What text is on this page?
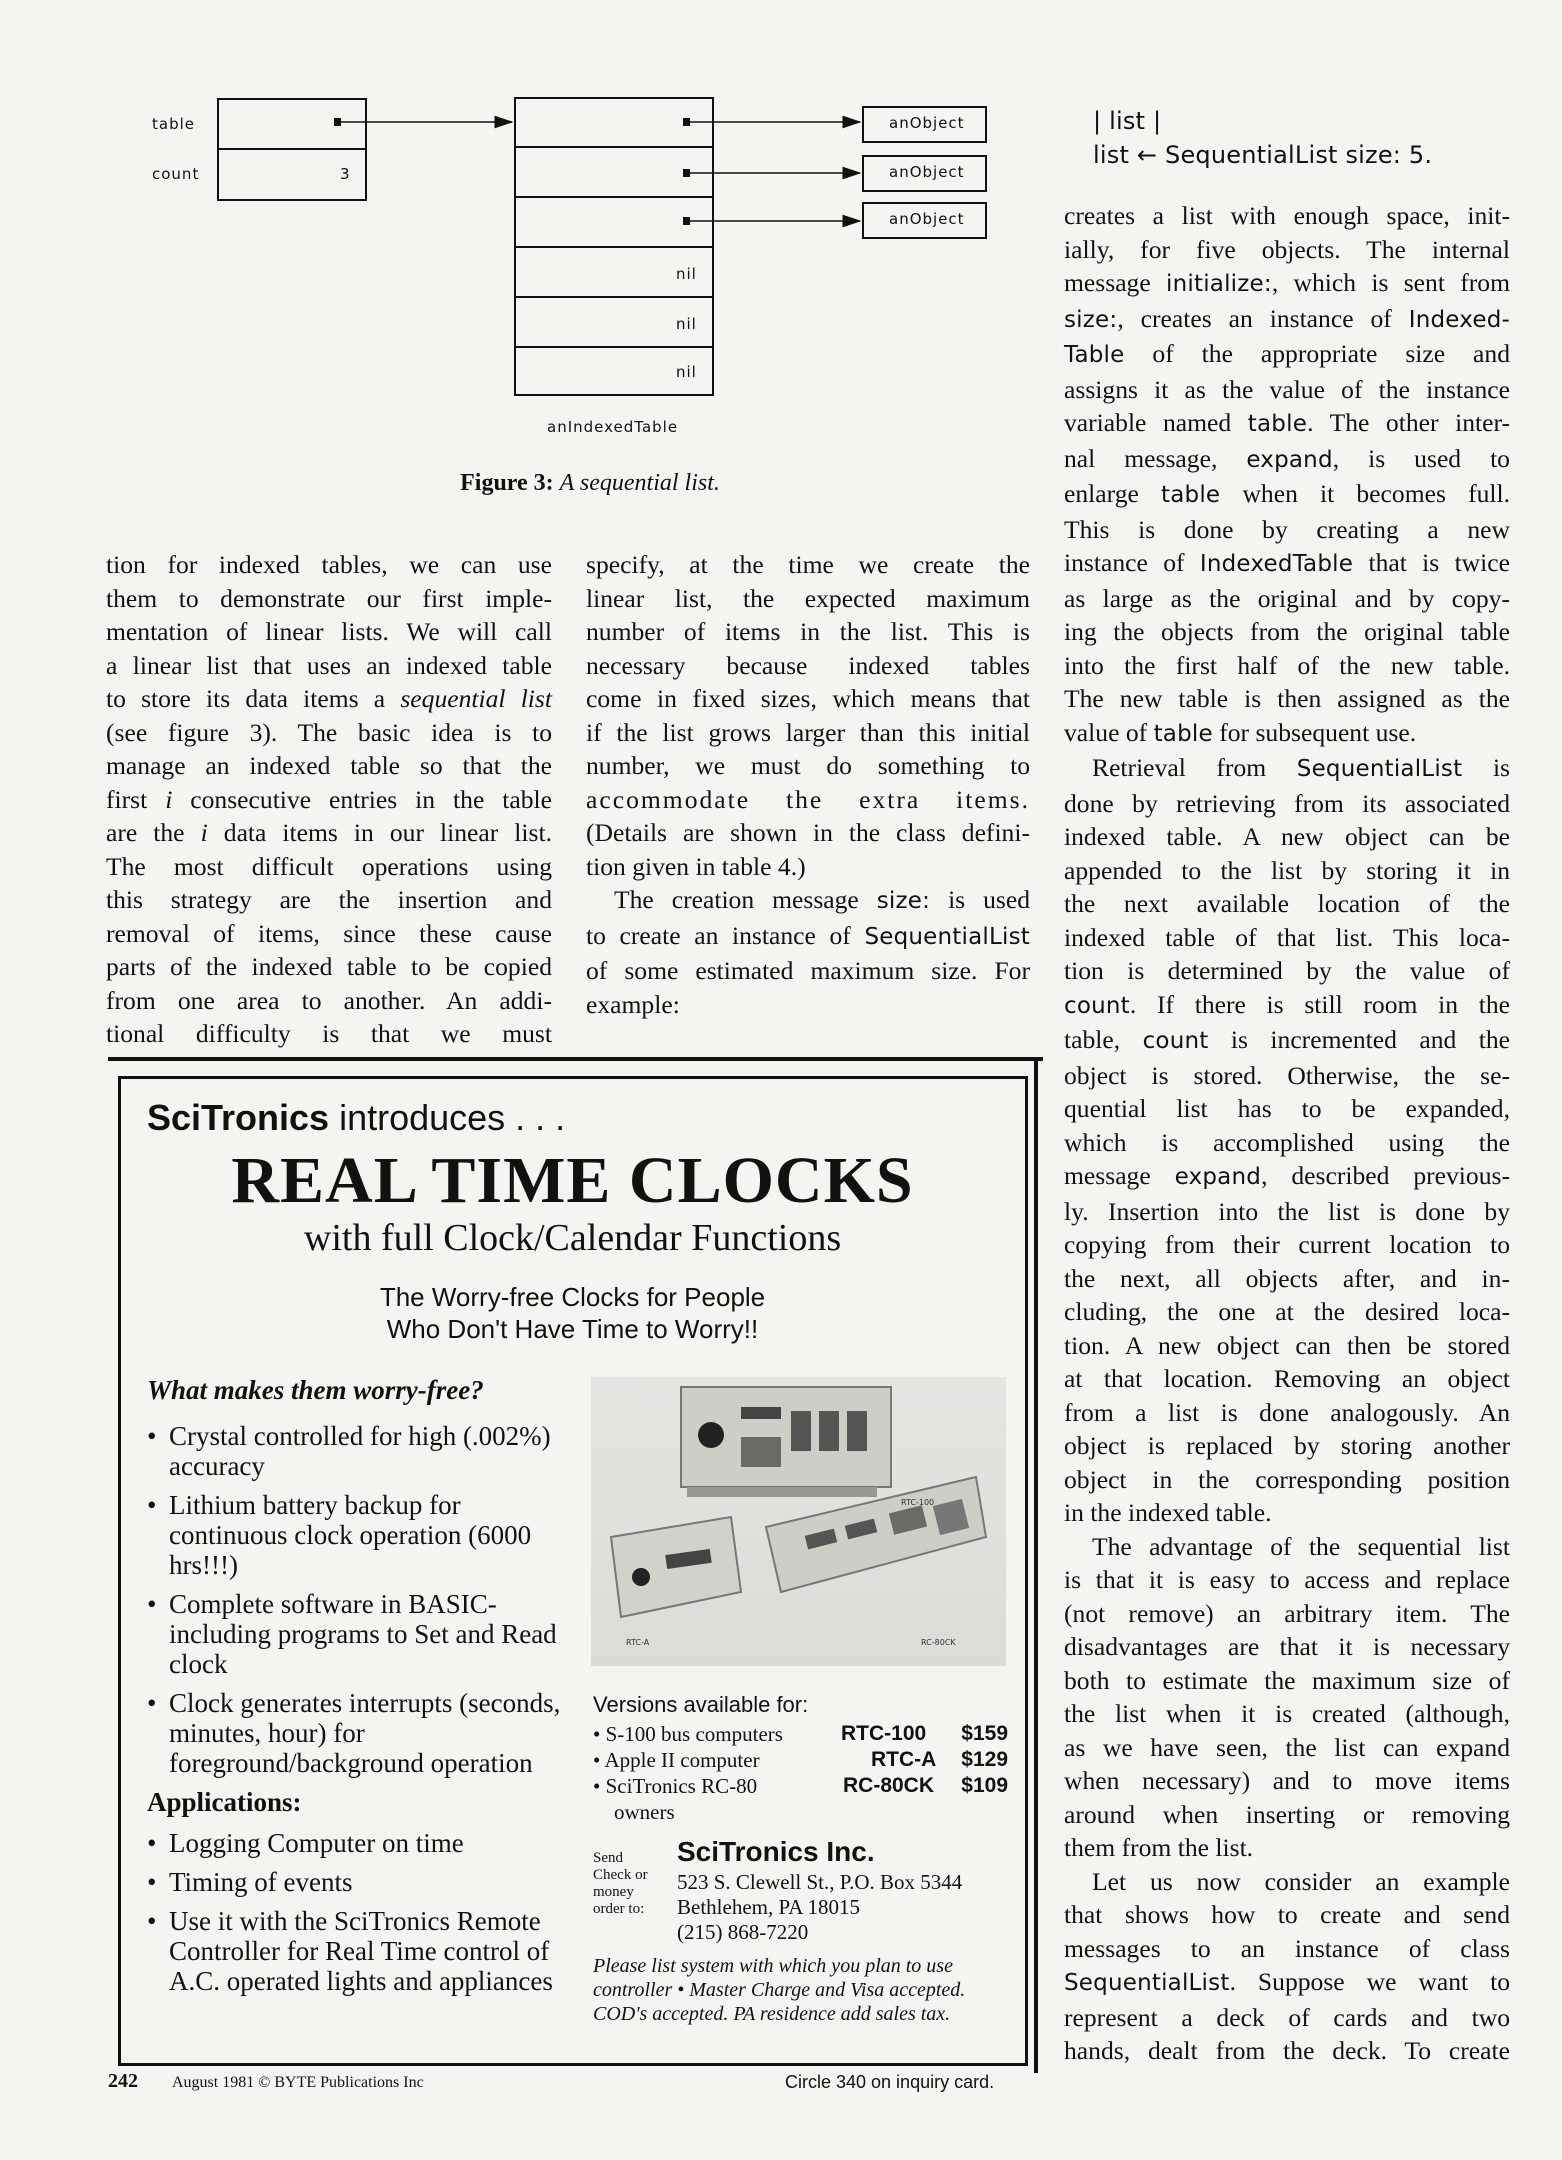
table
count	3
nil
nil
nil
anObject
anObject
anObject
anIndexedTable
Figure 3: A sequential list.
| list |
list ← SequentialList size: 5.
tion for indexed tables, we can use
them to demonstrate our first imple-
mentation of linear lists. We will call
a linear list that uses an indexed table
to store its data items a sequential list
(see figure 3). The basic idea is to
manage an indexed table so that the
first i consecutive entries in the table
are the i data items in our linear list.
The most difficult operations using
this strategy are the insertion and
removal of items, since these cause
parts of the indexed table to be copied
from one area to another. An addi-
tional difficulty is that we must
specify, at the time we create the
linear list, the expected maximum
number of items in the list. This is
necessary because indexed tables
come in fixed sizes, which means that
if the list grows larger than this initial
number, we must do something to
accommodate the extra items.
(Details are shown in the class defini-
tion given in table 4.)
The creation message size: is used
to create an instance of SequentialList
of some estimated maximum size. For
example:
creates a list with enough space, init-
ially, for five objects. The internal
message initialize:, which is sent from
size:, creates an instance of Indexed-
Table of the appropriate size and
assigns it as the value of the instance
variable named table. The other inter-
nal message, expand, is used to
enlarge table when it becomes full.
This is done by creating a new
instance of IndexedTable that is twice
as large as the original and by copy-
ing the objects from the original table
into the first half of the new table.
The new table is then assigned as the
value of table for subsequent use.
Retrieval from SequentialList is
done by retrieving from its associated
indexed table. A new object can be
appended to the list by storing it in
the next available location of the
indexed table of that list. This loca-
tion is determined by the value of
count. If there is still room in the
table, count is incremented and the
object is stored. Otherwise, the se-
quential list has to be expanded,
which is accomplished using the
message expand, described previous-
ly. Insertion into the list is done by
copying from their current location to
the next, all objects after, and in-
cluding, the one at the desired loca-
tion. A new object can then be stored
at that location. Removing an object
from a list is done analogously. An
object is replaced by storing another
object in the corresponding position
in the indexed table.
The advantage of the sequential list
is that it is easy to access and replace
(not remove) an arbitrary item. The
disadvantages are that it is necessary
both to estimate the maximum size of
the list when it is created (although,
as we have seen, the list can expand
when necessary) and to move items
around when inserting or removing
them from the list.
Let us now consider an example
that shows how to create and send
messages to an instance of class
SequentialList. Suppose we want to
represent a deck of cards and two
hands, dealt from the deck. To create
SciTronics introduces . . .
REAL TIME CLOCKS
with full Clock/Calendar Functions
The Worry-free Clocks for People
Who Don't Have Time to Worry!!
What makes them worry-free?
• Crystal controlled for high (.002%) accuracy
• Lithium battery backup for continuous clock operation (6000 hrs!!!)
• Complete software in BASIC-including programs to Set and Read clock
• Clock generates interrupts (seconds, minutes, hour) for foreground/background operation
Applications:
• Logging Computer on time
• Timing of events
• Use it with the SciTronics Remote Controller for Real Time control of A.C. operated lights and appliances
RTC-100
RTC-A	RC-80CK
Versions available for:
• S-100 bus computers	RTC-100 $159
• Apple II computer	RTC-A $129
• SciTronics RC-80	RC-80CK $109
owners
Send
Check or
money
order to:
SciTronics Inc.
523 S. Clewell St., P.O. Box 5344
Bethlehem, PA 18015
(215) 868-7220
Please list system with which you plan to use
controller • Master Charge and Visa accepted.
COD's accepted. PA residence add sales tax.
242 August 1981 © BYTE Publications Inc	Circle 340 on inquiry card.
